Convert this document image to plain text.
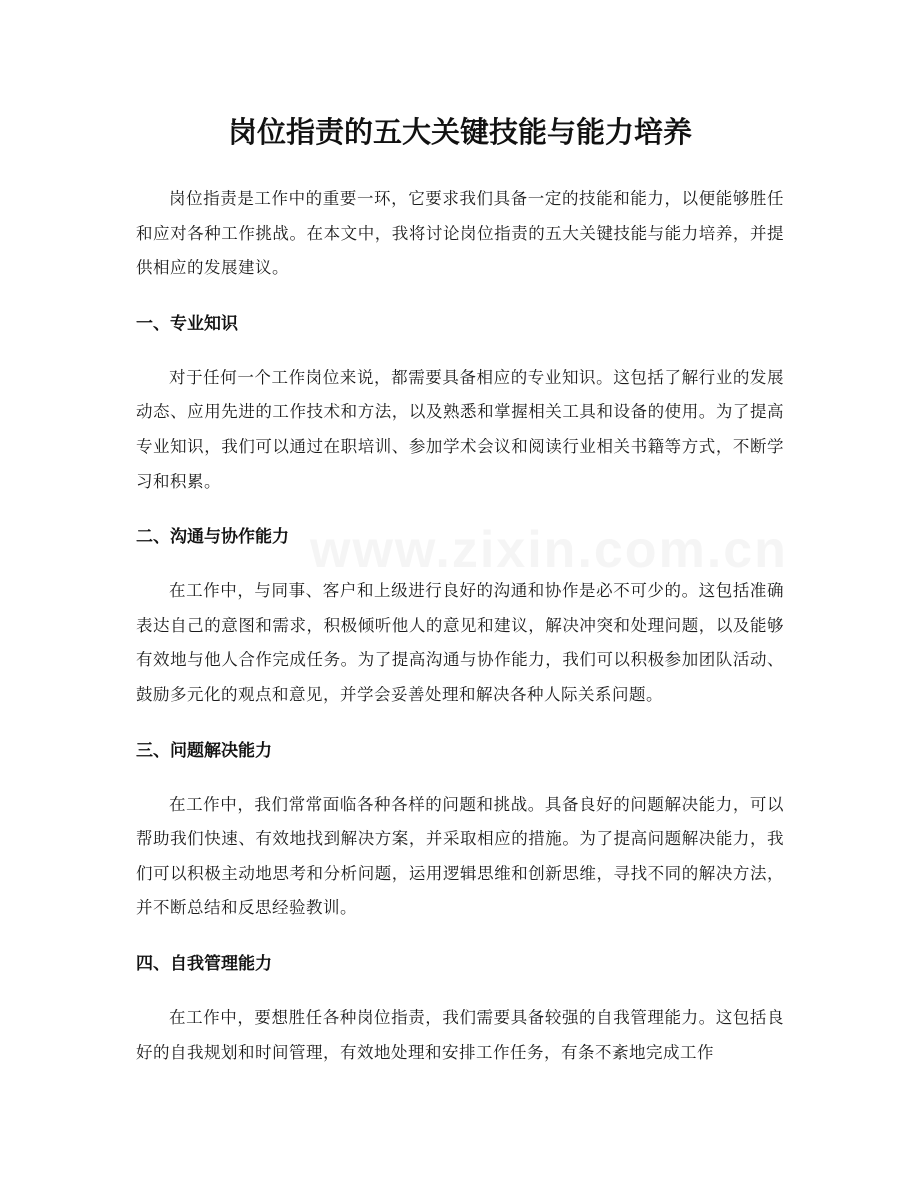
www.zixin.com.cn
岗位指责的五大关键技能与能力培养

岗位指责是工作中的重要一环，它要求我们具备一定的技能和能力，以便能够胜任和应对各种工作挑战。在本文中，我将讨论岗位指责的五大关键技能与能力培养，并提供相应的发展建议。

一、专业知识

对于任何一个工作岗位来说，都需要具备相应的专业知识。这包括了解行业的发展动态、应用先进的工作技术和方法，以及熟悉和掌握相关工具和设备的使用。为了提高专业知识，我们可以通过在职培训、参加学术会议和阅读行业相关书籍等方式，不断学习和积累。

二、沟通与协作能力

在工作中，与同事、客户和上级进行良好的沟通和协作是必不可少的。这包括准确表达自己的意图和需求，积极倾听他人的意见和建议，解决冲突和处理问题，以及能够有效地与他人合作完成任务。为了提高沟通与协作能力，我们可以积极参加团队活动、鼓励多元化的观点和意见，并学会妥善处理和解决各种人际关系问题。

三、问题解决能力

在工作中，我们常常面临各种各样的问题和挑战。具备良好的问题解决能力，可以帮助我们快速、有效地找到解决方案，并采取相应的措施。为了提高问题解决能力，我们可以积极主动地思考和分析问题，运用逻辑思维和创新思维，寻找不同的解决方法，并不断总结和反思经验教训。

四、自我管理能力

在工作中，要想胜任各种岗位指责，我们需要具备较强的自我管理能力。这包括良好的自我规划和时间管理，有效地处理和安排工作任务，有条不紊地完成工作
